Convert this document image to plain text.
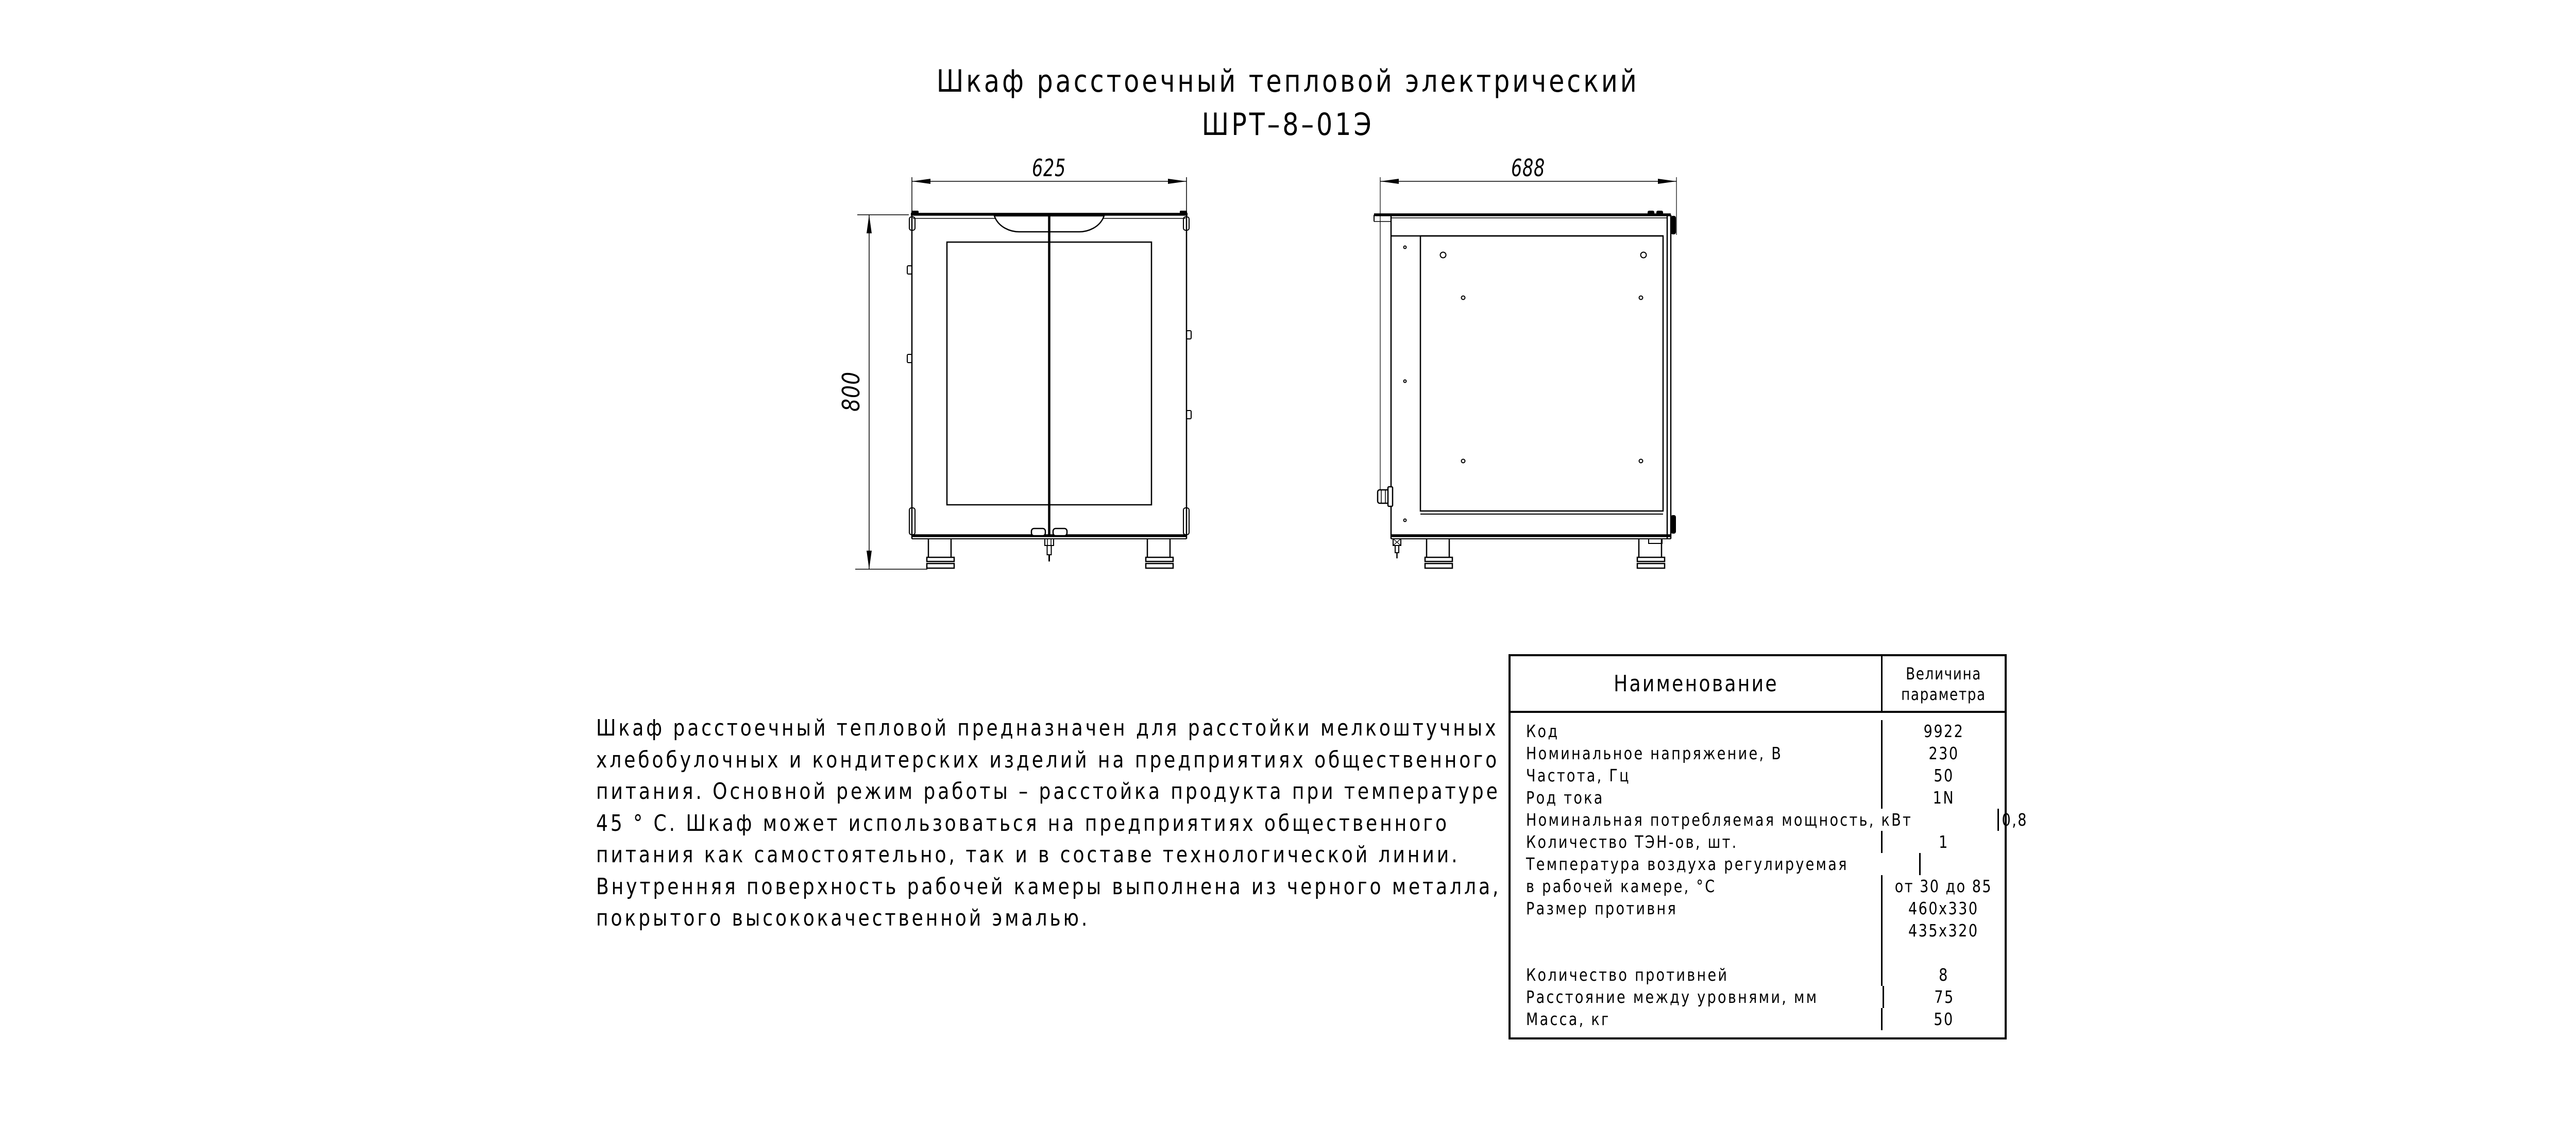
Шкаф расстоечный тепловой электрический
ШРТ–8–01Э
625
800
688
Шкаф расстоечный тепловой предназначен для расстойки мелкоштучных
хлебобулочных и кондитерских изделий на предприятиях общественного
питания. Основной режим работы – расстойка продукта при температуре
45 ° С. Шкаф может использоваться на предприятиях общественного
питания как самостоятельно, так и в составе технологической линии.
Внутренняя поверхность рабочей камеры выполнена из черного металла,
покрытого высококачественной эмалью.
Наименование	Величина
параметра
Код	9922
Номинальное напряжение, В	230
Частота, Гц	50
Род тока	1N
Номинальная потребляемая мощность, кВт	0,8
Количество ТЭН-ов, шт.	1
Температура воздуха регулируемая
в рабочей камере, °С	от 30 до 85
Размер противня	460x330
435x320
Количество противней	8
Расстояние между уровнями, мм	75
Масса, кг	50
